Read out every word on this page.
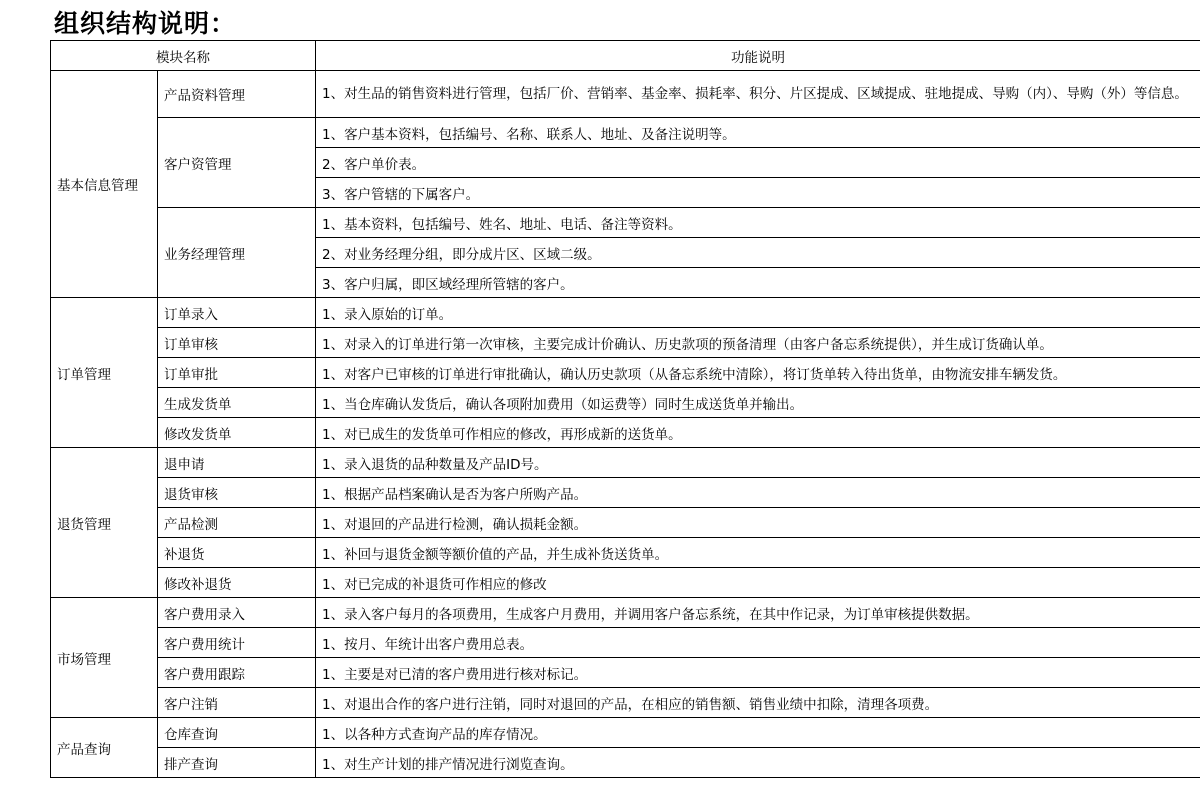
组织结构说明：
模块名称		功能说明
基本信息管理	产品资料管理	1、对生品的销售资料进行管理，包括厂价、营销率、基金率、损耗率、积分、片区提成、区域提成、驻地提成、导购（内）、导购（外）等信息。
	客户资管理	1、客户基本资料，包括编号、名称、联系人、地址、及备注说明等。
		2、客户单价表。
		3、客户管辖的下属客户。
	业务经理管理	1、基本资料，包括编号、姓名、地址、电话、备注等资料。
		2、对业务经理分组，即分成片区、区域二级。
		3、客户归属，即区域经理所管辖的客户。
订单管理	订单录入	1、录入原始的订单。
	订单审核	1、对录入的订单进行第一次审核，主要完成计价确认、历史款项的预备清理（由客户备忘系统提供），并生成订货确认单。
	订单审批	1、对客户已审核的订单进行审批确认，确认历史款项（从备忘系统中清除），将订货单转入待出货单，由物流安排车辆发货。
	生成发货单	1、当仓库确认发货后，确认各项附加费用（如运费等）同时生成送货单并输出。
	修改发货单	1、对已成生的发货单可作相应的修改，再形成新的送货单。
退货管理	退申请	1、录入退货的品种数量及产品ID号。
	退货审核	1、根据产品档案确认是否为客户所购产品。
	产品检测	1、对退回的产品进行检测，确认损耗金额。
	补退货	1、补回与退货金额等额价值的产品，并生成补货送货单。
	修改补退货	1、对已完成的补退货可作相应的修改
市场管理	客户费用录入	1、录入客户每月的各项费用，生成客户月费用，并调用客户备忘系统，在其中作记录，为订单审核提供数据。
	客户费用统计	1、按月、年统计出客户费用总表。
	客户费用跟踪	1、主要是对已清的客户费用进行核对标记。
	客户注销	1、对退出合作的客户进行注销，同时对退回的产品，在相应的销售额、销售业绩中扣除，清理各项费。
产品查询	仓库查询	1、以各种方式查询产品的库存情况。
	排产查询	1、对生产计划的排产情况进行浏览查询。
